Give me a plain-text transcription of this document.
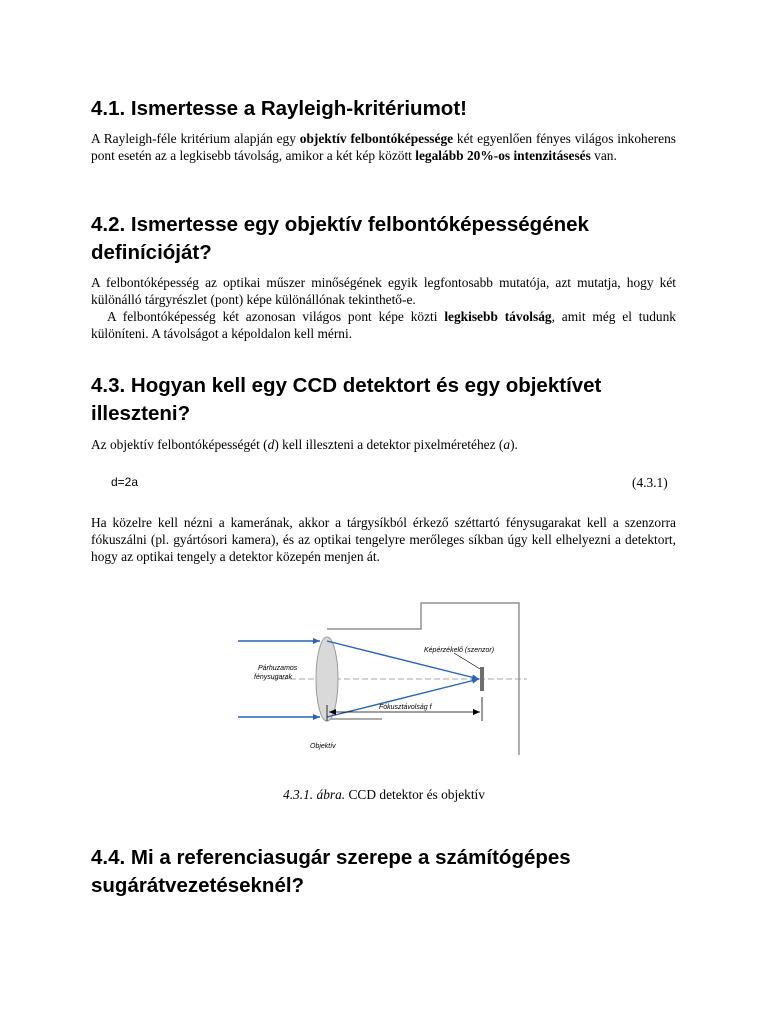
4.1. Ismertesse a Rayleigh-kritériumot!

A Rayleigh-féle kritérium alapján egy objektív felbontóképessége két egyenlően fényes világos inkoherens pont esetén az a legkisebb távolság, amikor a két kép között legalább 20%-os intenzitásesés van.

4.2. Ismertesse egy objektív felbontóképességének definícióját?

A felbontóképesség az optikai műszer minőségének egyik legfontosabb mutatója, azt mutatja, hogy két különálló tárgyrészlet (pont) képe különállónak tekinthető-e.

A felbontóképesség két azonosan világos pont képe közti legkisebb távolság, amit még el tudunk különíteni. A távolságot a képoldalon kell mérni.

4.3. Hogyan kell egy CCD detektort és egy objektívet illeszteni?

Az objektív felbontóképességét (d) kell illeszteni a detektor pixelméretéhez (a).

d=2a	(4.3.1)

Ha közelre kell nézni a kamerának, akkor a tárgysíkból érkező széttartó fénysugarakat kell a szenzorra fókuszálni (pl. gyártósori kamera), és az optikai tengelyre merőleges síkban úgy kell elhelyezni a detektort, hogy az optikai tengely a detektor közepén menjen át.

Párhuzamos
fénysugarak
Képérzékelő (szenzor)
Fókusztávolság f
Objektív
4.3.1. ábra. CCD detektor és objektív
4.4. Mi a referenciasugár szerepe a számítógépes sugárátvezetéseknél?
